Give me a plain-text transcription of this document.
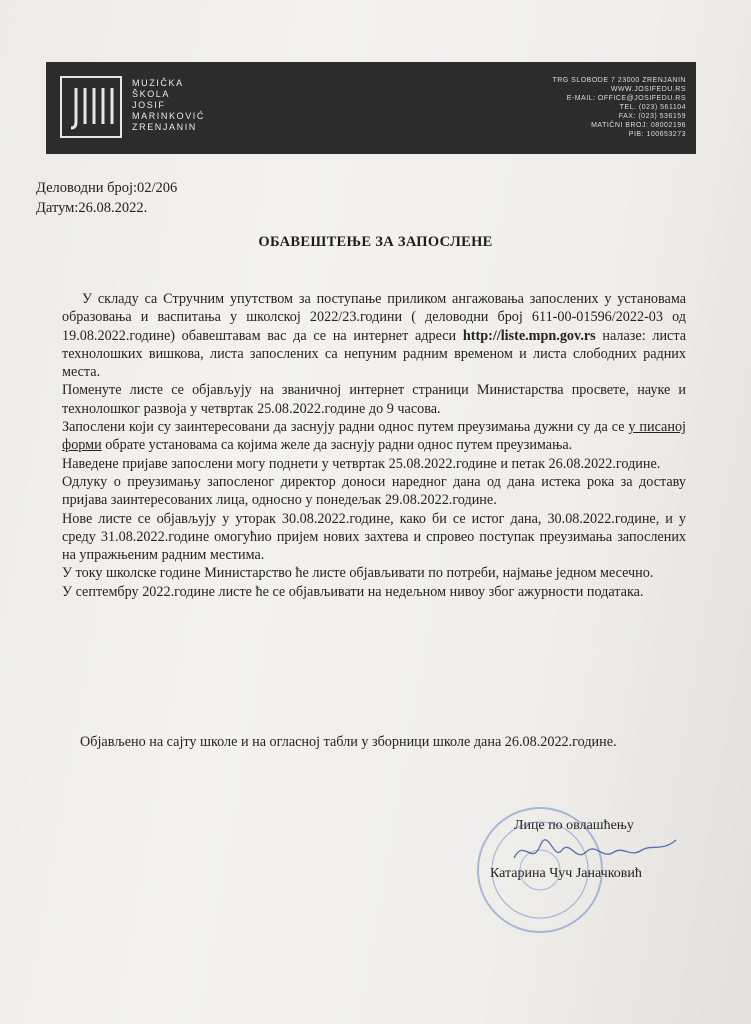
MUZIČKA
ŠKOLA
JOSIF
MARINKOVIĆ
ZRENJANIN
TRG SLOBODE 7 23000 ZRENJANIN
WWW.JOSIFEDU.RS
E-MAIL: OFFICE@JOSIFEDU.RS
TEL. (023) 561104
FAX: (023) 536159
MATIČNI BROJ: 08002196
PIB: 100653273
Деловодни број:02/206
Датум:26.08.2022.
ОБАВЕШТЕЊЕ ЗА ЗАПОСЛЕНЕ

У складу са Стручним упутством за поступање приликом ангажовања запослених у установама образовања и васпитања у школској 2022/23.години ( деловодни број 611-00-01596/2022-03 од 19.08.2022.године) обавештавам вас да се на интернет адреси http://liste.mpn.gov.rs налазе: листа технолошких вишкова, листа запослених са непуним радним временом и листа слободних радних места.

Поменуте листе се објављују на званичној интернет страници Министарства просвете, науке и технолошког развоја у четвртак 25.08.2022.године до 9 часова.

Запослени који су заинтересовани да заснују радни однос путем преузимања дужни су да се у писаној форми обрате установама са којима желе да заснују радни однос путем преузимања.

Наведене пријаве запослени могу поднети у четвртак 25.08.2022.године и петак 26.08.2022.године.

Одлуку о преузимању запосленог директор доноси наредног дана од дана истека рока за доставу пријава заинтересованих лица, односно у понедељак 29.08.2022.године.

Нове листе се објављују у уторак 30.08.2022.године, како би се истог дана, 30.08.2022.године, и у среду 31.08.2022.године омогућио пријем нових захтева и спровео поступак преузимања запослених на упражњеним радним местима.

У току школске године Министарство ће листе објављивати по потреби, најмање једном месечно.

У септембру 2022.године листе ће се објављивати на недељном нивоу због ажурности података.

Објављено на сајту школе и на огласној табли у зборници школе дана 26.08.2022.године.
Лице по овлашћењу
Катарина Чуч Јаначковић
